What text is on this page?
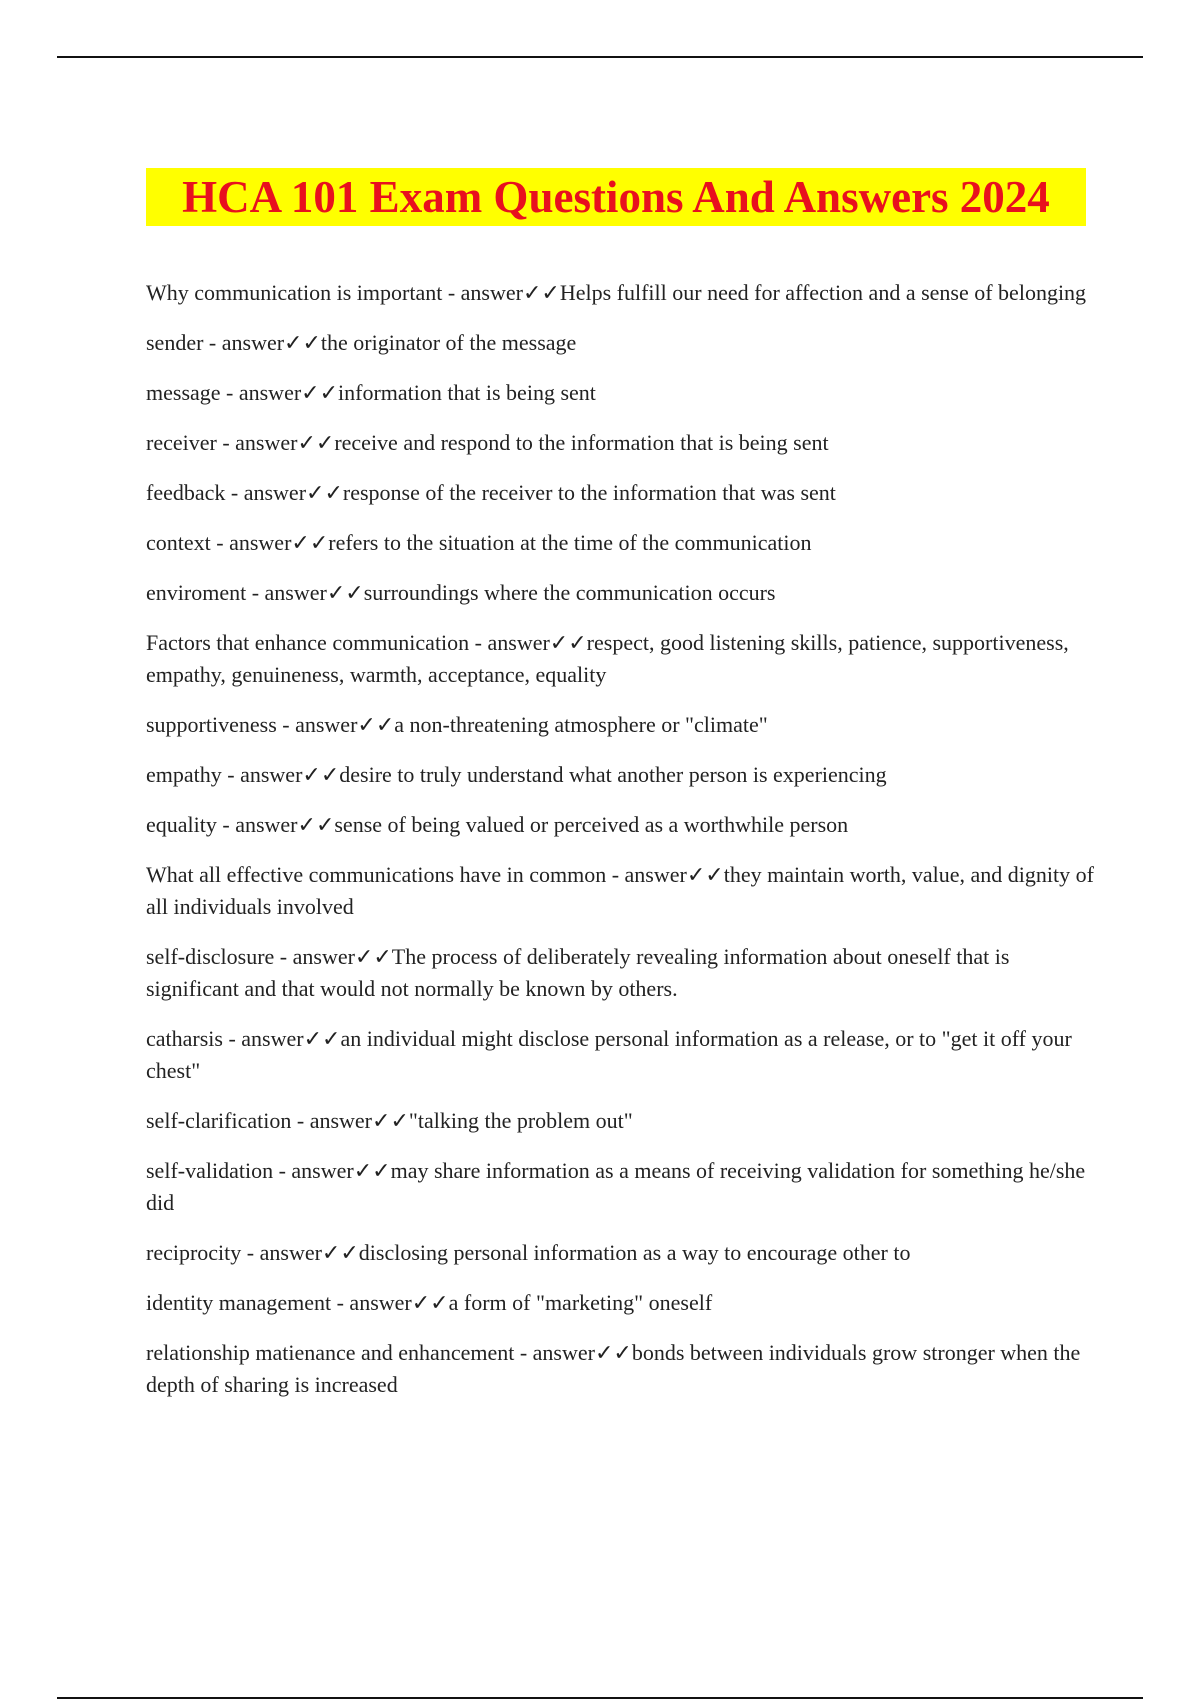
HCA 101 Exam Questions And Answers 2024
Why communication is important - answer✓✓Helps fulfill our need for affection and a sense of belonging
sender - answer✓✓the originator of the message
message - answer✓✓information that is being sent
receiver - answer✓✓receive and respond to the information that is being sent
feedback - answer✓✓response of the receiver to the information that was sent
context - answer✓✓refers to the situation at the time of the communication
enviroment - answer✓✓surroundings where the communication occurs
Factors that enhance communication - answer✓✓respect, good listening skills, patience, supportiveness, empathy, genuineness, warmth, acceptance, equality
supportiveness - answer✓✓a non-threatening atmosphere or "climate"
empathy - answer✓✓desire to truly understand what another person is experiencing
equality - answer✓✓sense of being valued or perceived as a worthwhile person
What all effective communications have in common - answer✓✓they maintain worth, value, and dignity of all individuals involved
self-disclosure - answer✓✓The process of deliberately revealing information about oneself that is significant and that would not normally be known by others.
catharsis - answer✓✓an individual might disclose personal information as a release, or to "get it off your chest"
self-clarification - answer✓✓"talking the problem out"
self-validation - answer✓✓may share information as a means of receiving validation for something he/she did
reciprocity - answer✓✓disclosing personal information as a way to encourage other to
identity management - answer✓✓a form of "marketing" oneself
relationship matienance and enhancement - answer✓✓bonds between individuals grow stronger when the depth of sharing is increased
